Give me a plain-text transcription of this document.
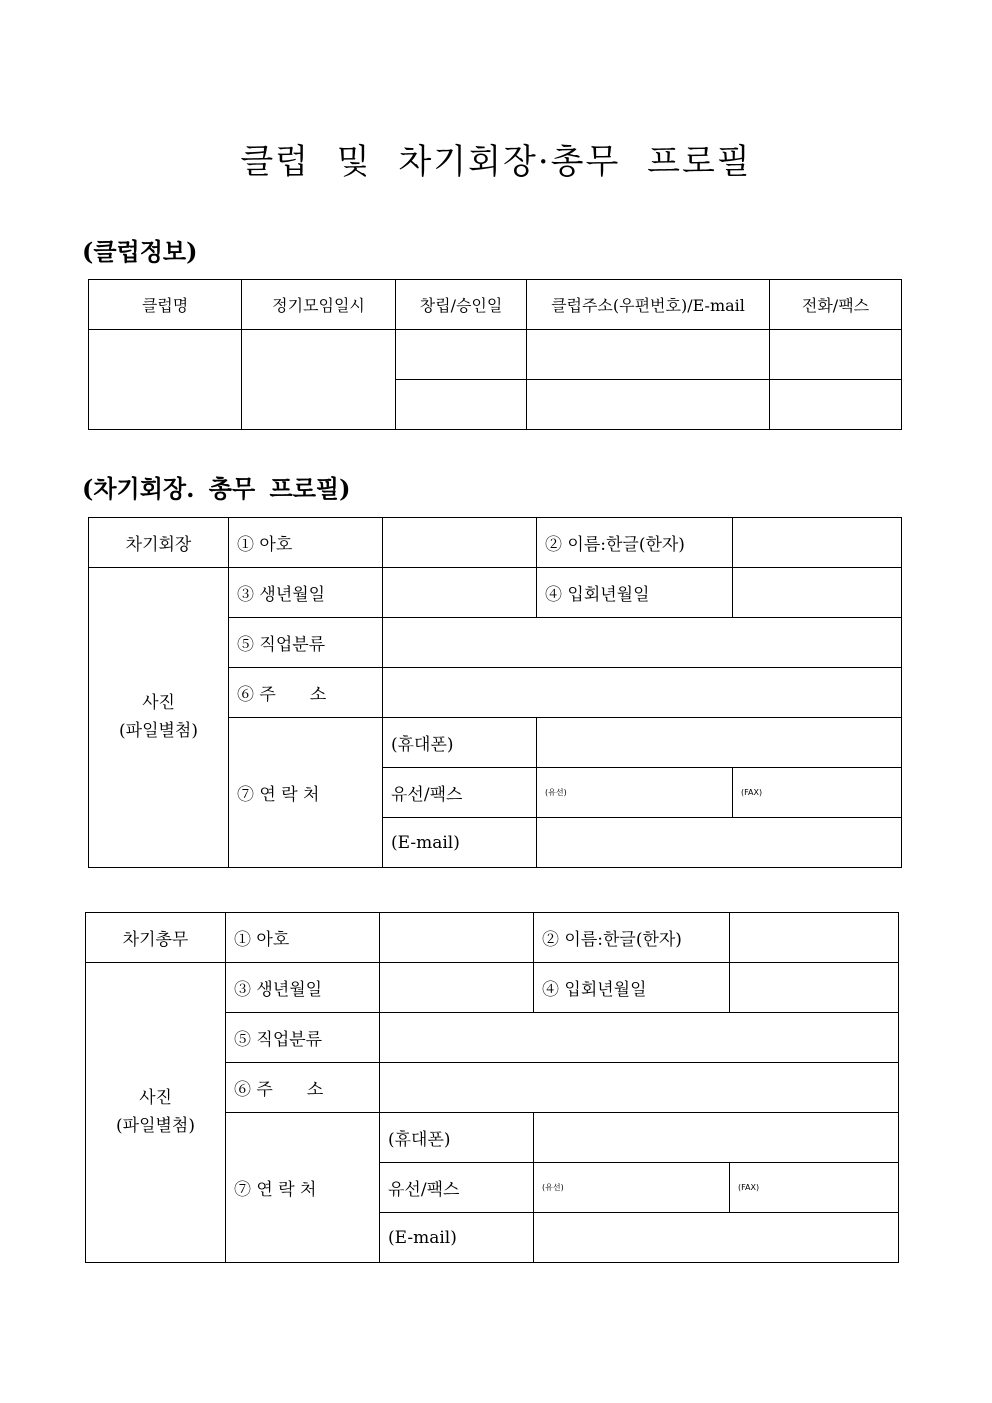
클럽 및 차기회장·총무 프로필
(클럽정보)
클럽명	정기모임일시	창립/승인일	클럽주소(우편번호)/E-mail	전화/팩스

(차기회장. 총무 프로필)
차기회장	① 아호		② 이름:한글(한자)	

사진
(파일별첨)	③ 생년월일		④ 입회년월일	
	⑤ 직업분류			
	⑥ 주　　소			
	⑦ 연 락 처	(휴대폰)		
		유선/팩스	(유선)	(FAX)
		(E-mail)		
차기총무	① 아호		② 이름:한글(한자)	

사진
(파일별첨)	③ 생년월일		④ 입회년월일	
	⑤ 직업분류			
	⑥ 주　　소			
	⑦ 연 락 처	(휴대폰)		
		유선/팩스	(유선)	(FAX)
		(E-mail)		
